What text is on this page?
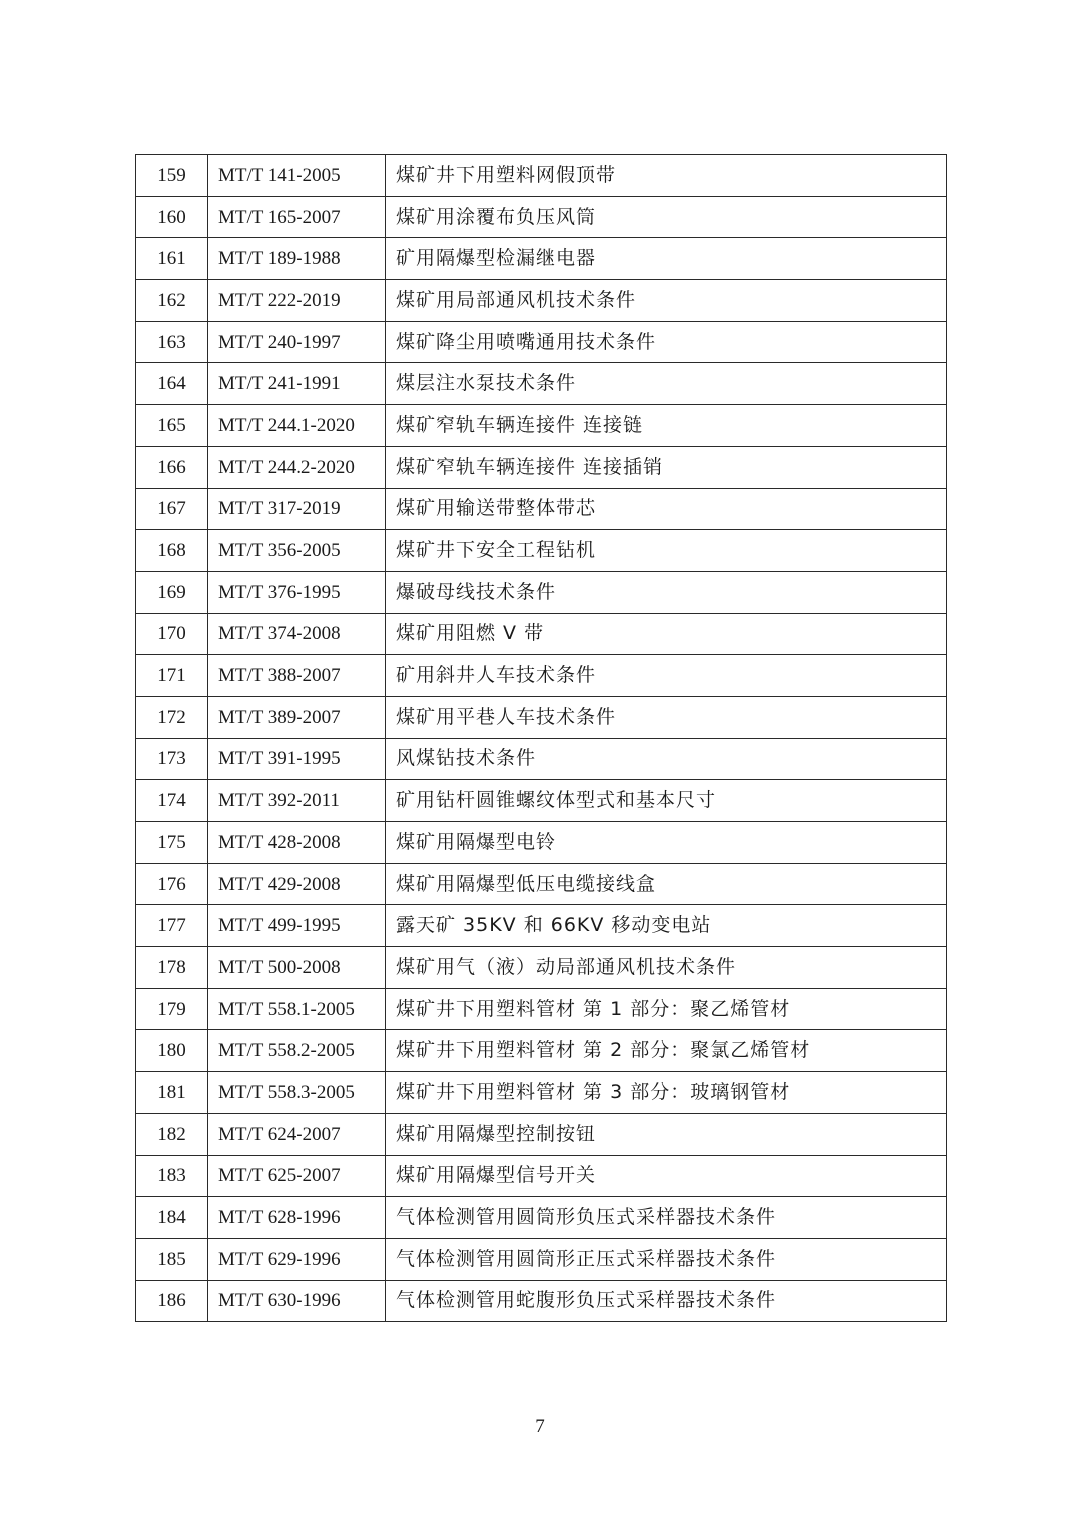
159	MT/T 141-2005	煤矿井下用塑料网假顶带
160	MT/T 165-2007	煤矿用涂覆布负压风筒
161	MT/T 189-1988	矿用隔爆型检漏继电器
162	MT/T 222-2019	煤矿用局部通风机技术条件
163	MT/T 240-1997	煤矿降尘用喷嘴通用技术条件
164	MT/T 241-1991	煤层注水泵技术条件
165	MT/T 244.1-2020	煤矿窄轨车辆连接件 连接链
166	MT/T 244.2-2020	煤矿窄轨车辆连接件 连接插销
167	MT/T 317-2019	煤矿用输送带整体带芯
168	MT/T 356-2005	煤矿井下安全工程钻机
169	MT/T 376-1995	爆破母线技术条件
170	MT/T 374-2008	煤矿用阻燃 V 带
171	MT/T 388-2007	矿用斜井人车技术条件
172	MT/T 389-2007	煤矿用平巷人车技术条件
173	MT/T 391-1995	风煤钻技术条件
174	MT/T 392-2011	矿用钻杆圆锥螺纹体型式和基本尺寸
175	MT/T 428-2008	煤矿用隔爆型电铃
176	MT/T 429-2008	煤矿用隔爆型低压电缆接线盒
177	MT/T 499-1995	露天矿 35KV 和 66KV 移动变电站
178	MT/T 500-2008	煤矿用气（液）动局部通风机技术条件
179	MT/T 558.1-2005	煤矿井下用塑料管材 第 1 部分：聚乙烯管材
180	MT/T 558.2-2005	煤矿井下用塑料管材 第 2 部分：聚氯乙烯管材
181	MT/T 558.3-2005	煤矿井下用塑料管材 第 3 部分：玻璃钢管材
182	MT/T 624-2007	煤矿用隔爆型控制按钮
183	MT/T 625-2007	煤矿用隔爆型信号开关
184	MT/T 628-1996	气体检测管用圆筒形负压式采样器技术条件
185	MT/T 629-1996	气体检测管用圆筒形正压式采样器技术条件
186	MT/T 630-1996	气体检测管用蛇腹形负压式采样器技术条件
7
